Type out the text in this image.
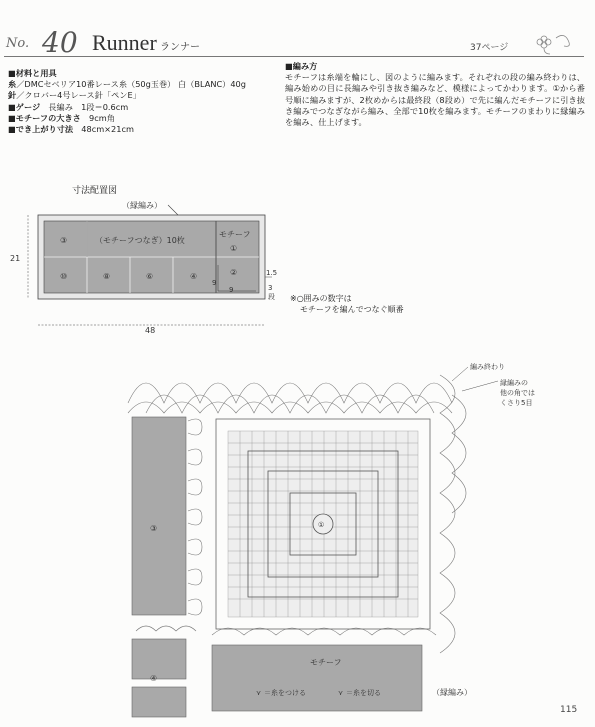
No. 40 Runner ランナー	37ページ
■材料と用具
糸／DMCセベリア10番レース糸（50g玉巻） 白（BLANC）40g
針／クロバー4号レース針「ペンE」
■ゲージ　 長編み　1段＝0.6cm
■モチーフの大きさ　 9cm角
■でき上がり寸法　 48cm×21cm
■編み方
モチーフは糸端を輪にし、図のように編みます。それぞれの段の編み終わりは、編み始めの目に長編みや引き抜き編みなど、模様によってかわります。①から番号順に編みますが、2枚めからは最終段（8段め）で先に編んだモチーフに引き抜き編みでつなぎながら編み、全部で10枚を編みます。モチーフのまわりに縁編みを編み、仕上げます。
寸法配置図
（縁編み）
③	（モチーフつなぎ）10枚
モチーフ
①
⑩	⑧	⑥	④	②
9
9
21
48
1.5
3
段 ※○囲みの数字は
モチーフを編んでつなぐ順番
③
④
モチーフ
①
編み終わり
縁編みの
他の角では
くさり5目
（縁編み）
⋎ ＝糸をつける	⋎ ＝糸を切る
115
